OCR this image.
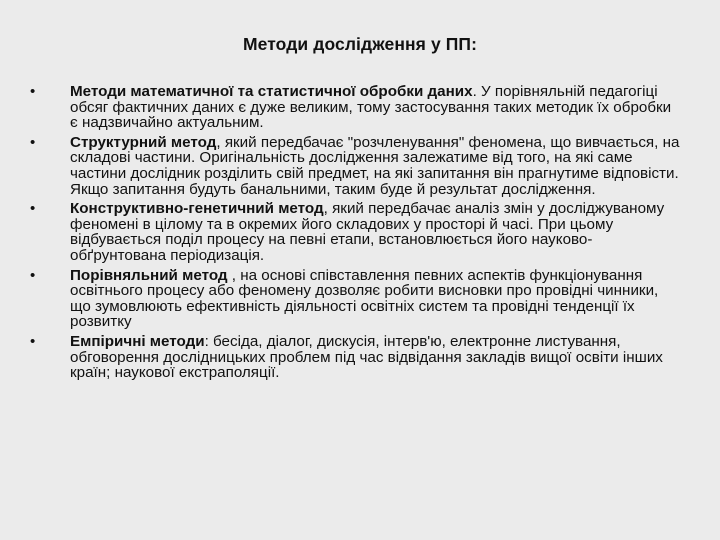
Методи дослідження у ПП:
•	Методи математичної та статистичної обробки даних. У порівняльній педагогіці обсяг фактичних даних є дуже великим, тому застосування таких методик їх обробки є надзвичайно актуальним.
•	Структурний метод, який передбачає "розчленування" феномена, що вивчається, на складові частини. Оригінальність дослідження залежатиме від того, на які саме частини дослідник розділить свій предмет, на які запитання він прагнутиме відповісти. Якщо запитання будуть банальними, таким буде й результат дослідження.
•	Конструктивно-генетичний метод, який передбачає аналіз змін у досліджуваному феномені в цілому та в окремих його складових у просторі й часі. При цьому відбувається поділ процесу на певні етапи, встановлюється його науково-обґрунтована періодизація.
•	Порівняльний метод , на основі співставлення певних аспектів функціонування освітнього процесу або феномену дозволяє робити висновки про провідні чинники, що зумовлюють ефективність діяльності освітніх систем та провідні тенденції їх розвитку
•	Емпіричні методи: бесіда, діалог, дискусія, інтерв'ю, електронне листування, обговорення дослідницьких проблем під час відвідання закладів вищої освіти інших країн; наукової екстраполяції.
